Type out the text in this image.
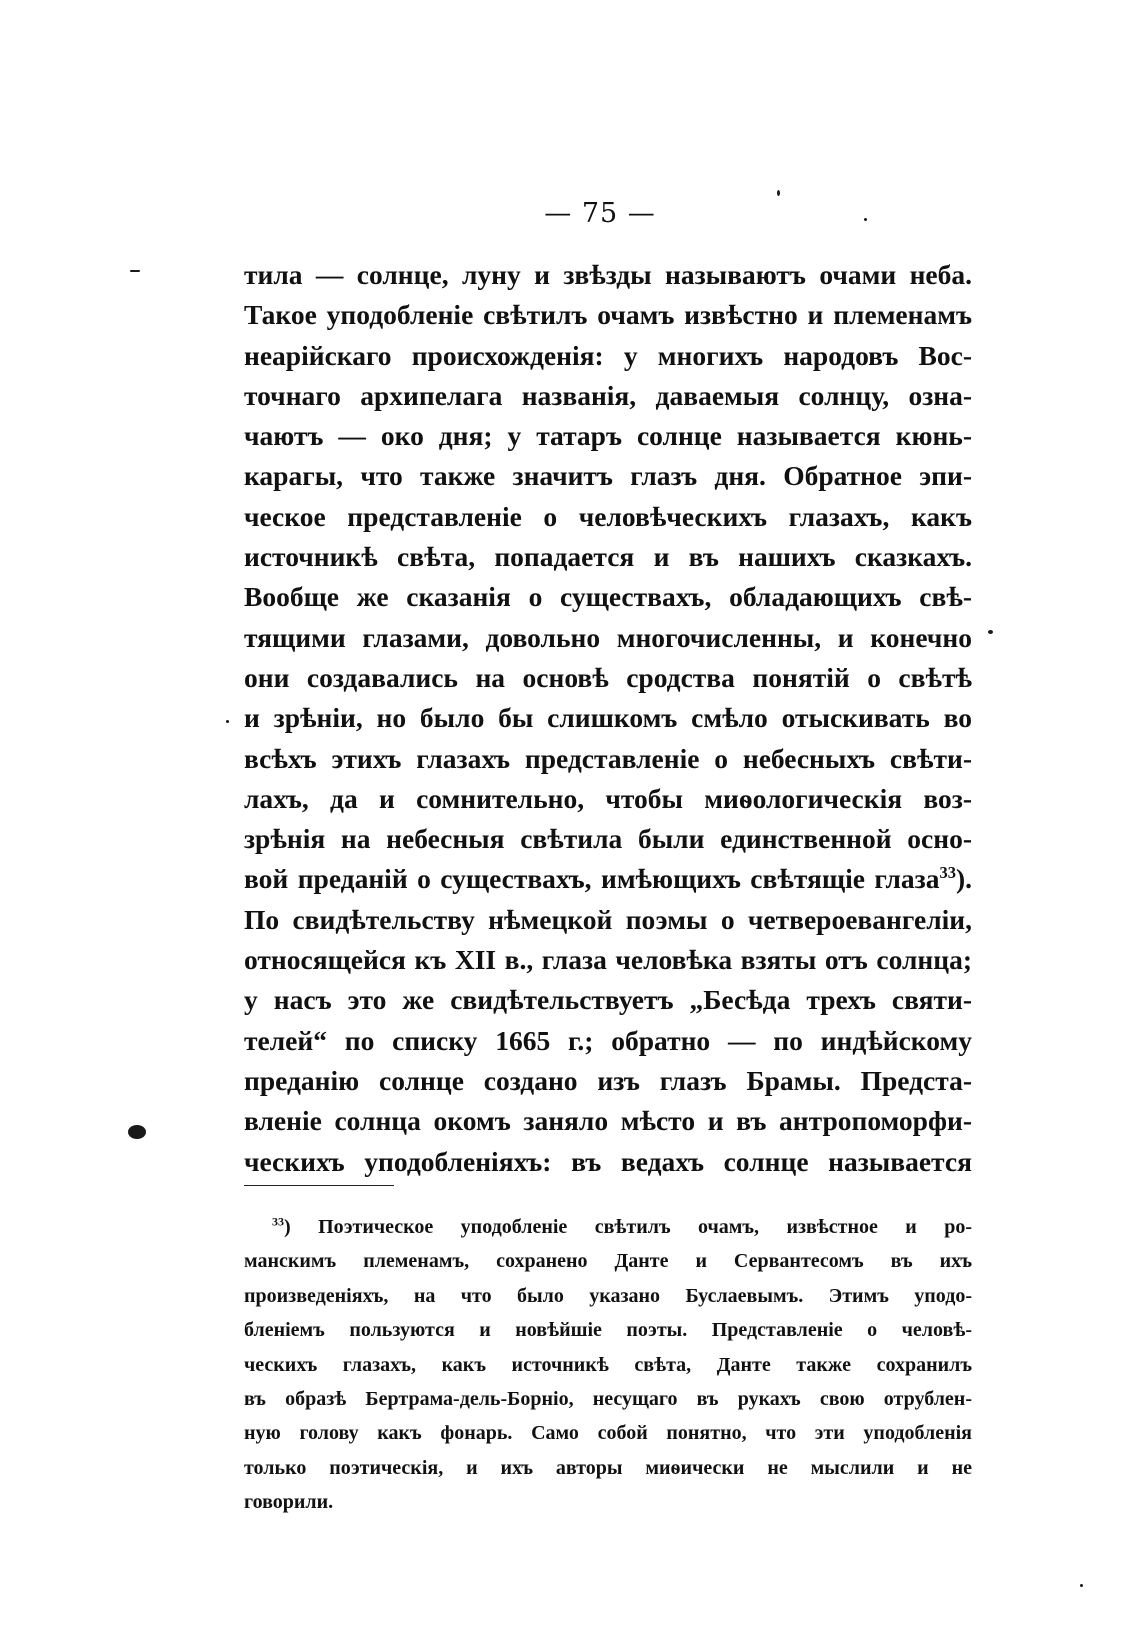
— 75 —
тила — солнце, луну и звѣзды называютъ очами неба.
Такое уподобленіе свѣтилъ очамъ извѣстно и племенамъ
неарійскаго происхожденія: у многихъ народовъ Вос-
точнаго архипелага названія, даваемыя солнцу, озна-
чаютъ — око дня; у татаръ солнце называется кюнь-
карагы, что также значитъ глазъ дня. Обратное эпи-
ческое представленіе о человѣческихъ глазахъ, какъ
источникѣ свѣта, попадается и въ нашихъ сказкахъ.
Вообще же сказанія о существахъ, обладающихъ свѣ-
тящими глазами, довольно многочисленны, и конечно
они создавались на основѣ сродства понятій о свѣтѣ
и зрѣніи, но было бы слишкомъ смѣло отыскивать во
всѣхъ этихъ глазахъ представленіе о небесныхъ свѣти-
лахъ, да и сомнительно, чтобы миѳологическія воз-
зрѣнія на небесныя свѣтила были единственной осно-
вой преданій о существахъ, имѣющихъ свѣтящіе глаза$^{33}$).
По свидѣтельству нѣмецкой поэмы о четвероевангеліи,
относящейся къ XII в., глаза человѣка взяты отъ солнца;
у насъ это же свидѣтельствуетъ „Бесѣда трехъ святи-
телей“ по списку 1665 г.; обратно — по индѣйскому
преданію солнце создано изъ глазъ Брамы. Предста-
вленіе солнца окомъ заняло мѣсто и въ антропоморфи-
ческихъ уподобленіяхъ: въ ведахъ солнце называется
$^{33}$) Поэтическое уподобленіе свѣтилъ очамъ, извѣстное и ро-
манскимъ племенамъ, сохранено Данте и Сервантесомъ въ ихъ
произведеніяхъ, на что было указано Буслаевымъ. Этимъ уподо-
бленіемъ пользуются и новѣйшіе поэты. Представленіе о человѣ-
ческихъ глазахъ, какъ источникѣ свѣта, Данте также сохранилъ
въ образѣ Бертрама-дель-Борніо, несущаго въ рукахъ свою отрублен-
ную голову какъ фонарь. Само собой понятно, что эти уподобленія
только поэтическія, и ихъ авторы миѳически не мыслили и не
говорили.
